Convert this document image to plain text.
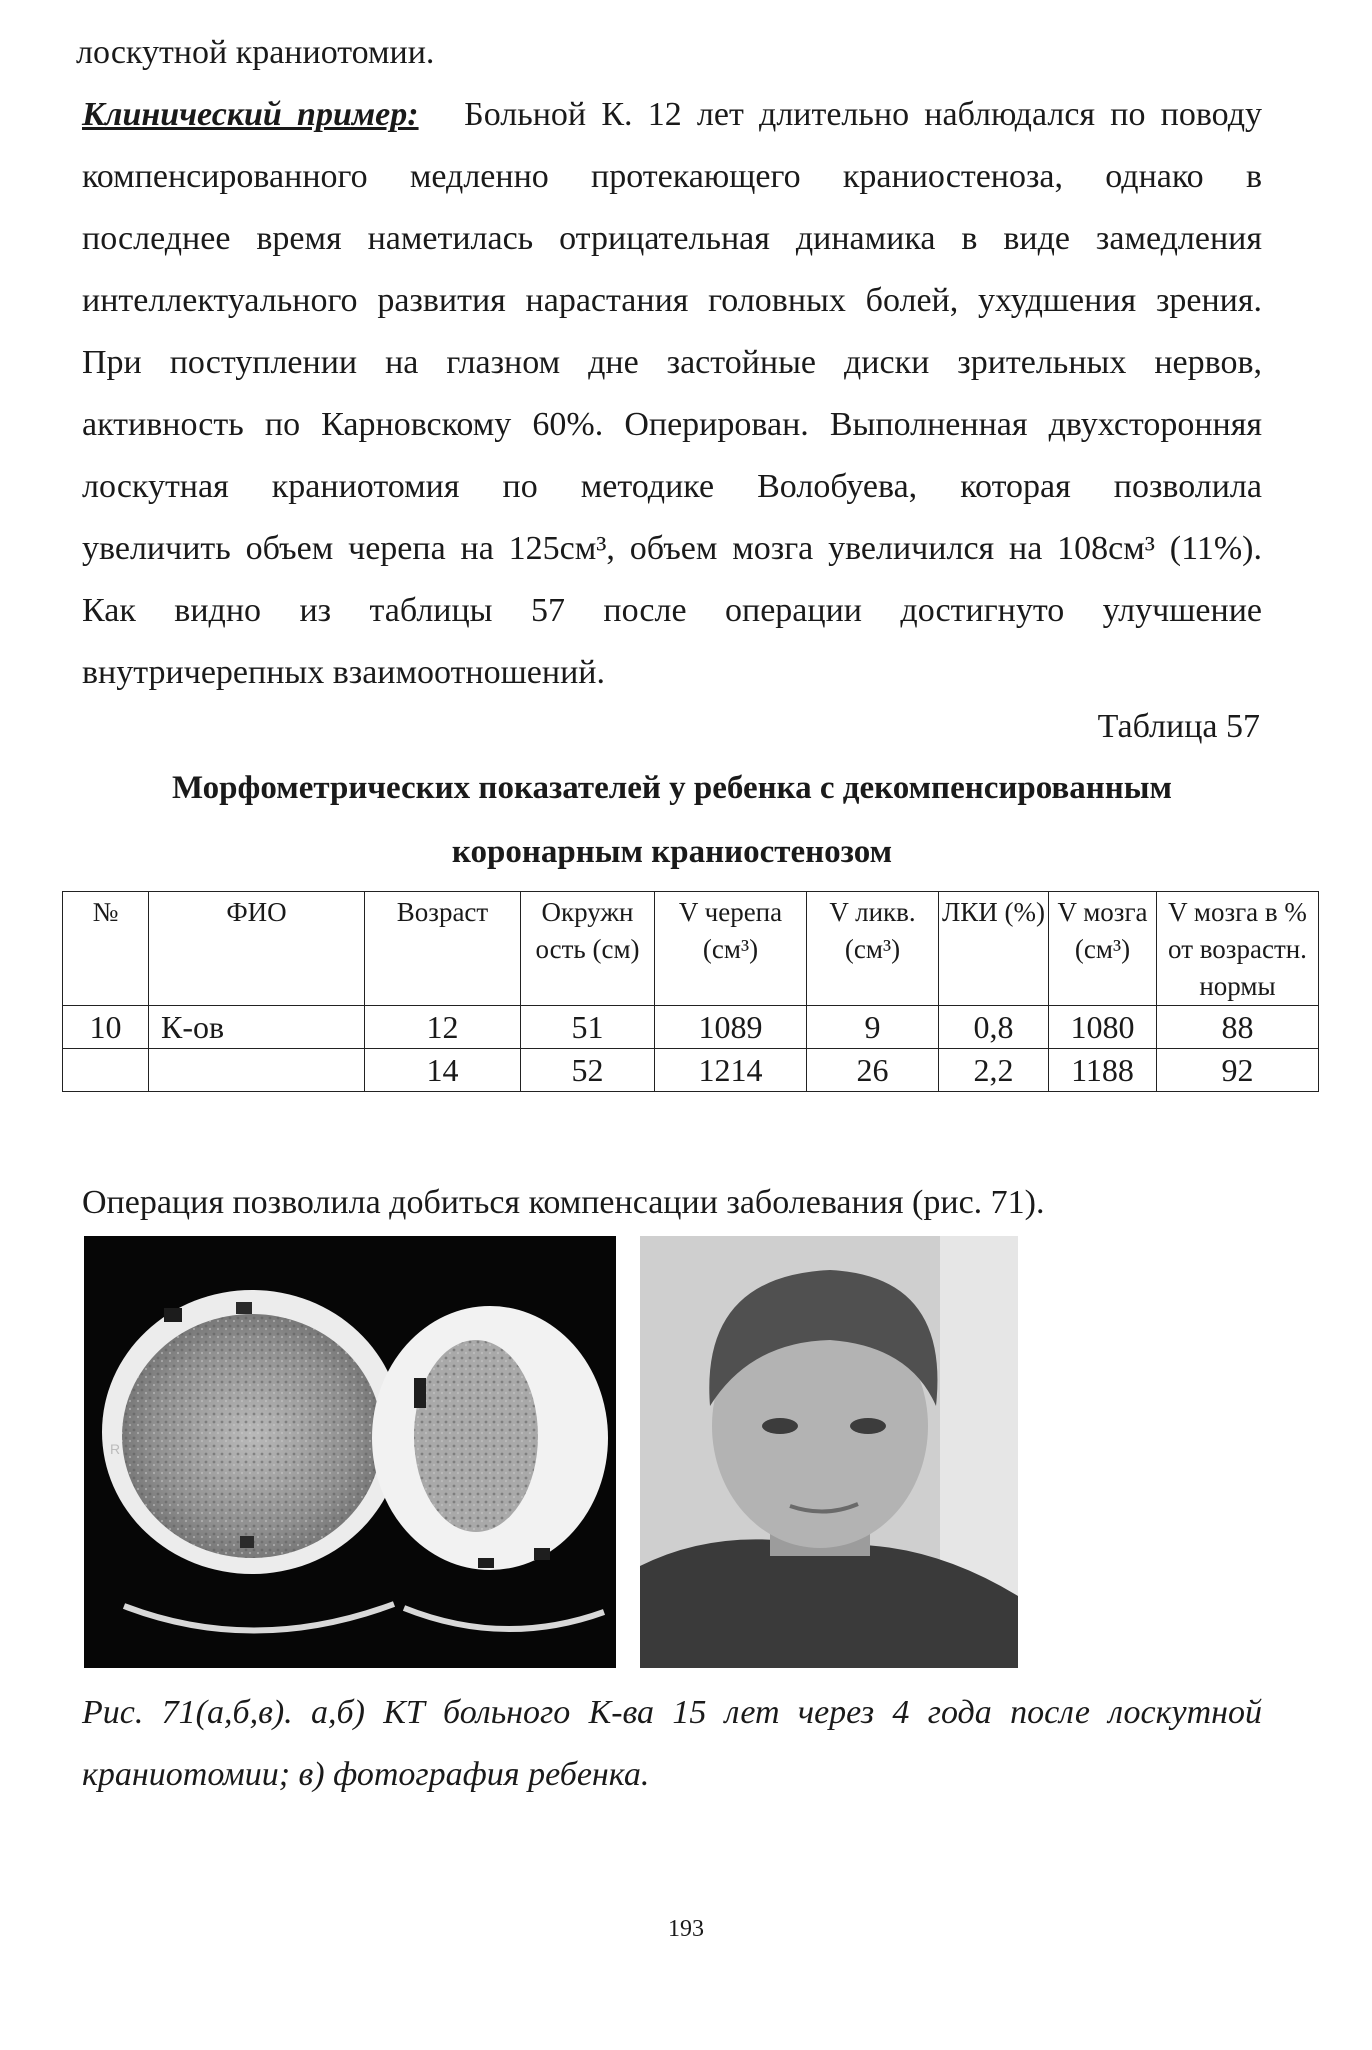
лоскутной краниотомии.
Клинический пример: Больной К. 12 лет длительно наблюдался по поводу
компенсированного медленно протекающего краниостеноза, однако в
последнее время наметилась отрицательная динамика в виде замедления
интеллектуального развития нарастания головных болей, ухудшения зрения.
При поступлении на глазном дне застойные диски зрительных нервов,
активность по Карновскому 60%. Оперирован. Выполненная двухсторонняя
лоскутная краниотомия по методике Волобуева, которая позволила
увеличить объем черепа на 125см³, объем мозга увеличился на 108см³ (11%).
Как видно из таблицы 57 после операции достигнуто улучшение
внутричерепных взаимоотношений.
Таблица 57
Морфометрических показателей у ребенка с декомпенсированным
коронарным краниостенозом
№	ФИО	Возраст	Окружн ость (см)	V черепа (см³)	V ликв. (см³)	ЛКИ (%)	V мозга (см³)	V мозга в % от возрастн. нормы
10	К-ов	12	51	1089	9	0,8	1080	88
		14	52	1214	26	2,2	1188	92
Операция позволила добиться компенсации заболевания (рис. 71).
R
Рис. 71(а,б,в). а,б) КТ больного К-ва 15 лет через 4 года после лоскутной
краниотомии; в) фотография ребенка.
193
